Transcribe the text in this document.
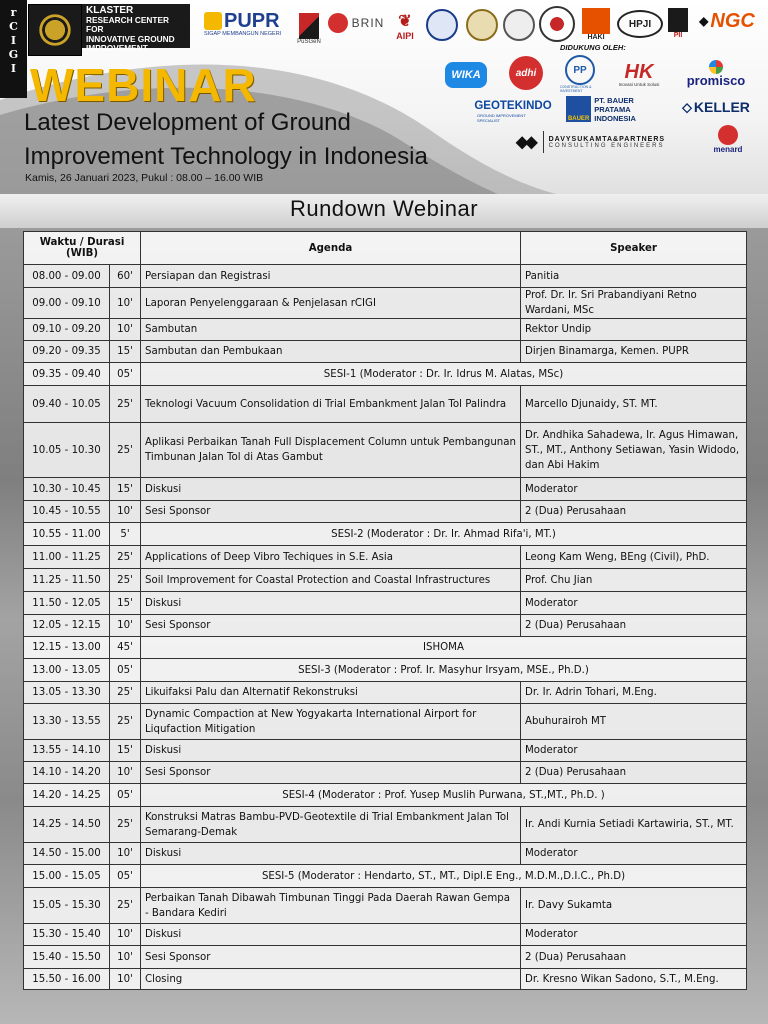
r
C
I
G
I
KLASTER
RESEARCH CENTER FOR
INNOVATIVE GROUND
IMPROVEMENT
PUPR
SIGAP MEMBANGUN NEGERI
PuSGeN
BRIN ❦
AIPI	HAKI
HPJI
PII
◆ NGC
DIDUKUNG OLEH:
WIKA	adhi	PP
CONSTRUCTION & INVESTMENT
HK
Inovasi Untuk Solusi promisco
GEOTEKINDO
GROUND IMPROVEMENT SPECIALIST	BAUER
PT. BAUER PRATAMA
INDONESIA
⬦ KELLER
◆◆ DAVYSUKAMTA&PARTNERS
CONSULTING ENGINEERS	menard
WEBINAR
Latest Development of Ground
Improvement Technology in Indonesia
Kamis, 26 Januari 2023, Pukul : 08.00 – 16.00 WIB
Rundown Webinar
Waktu / Durasi (WIB)		Agenda	Speaker
08.00 - 09.00	60'	Persiapan dan Registrasi	Panitia
09.00 - 09.10	10'	Laporan Penyelenggaraan & Penjelasan rCIGI	Prof. Dr. Ir. Sri Prabandiyani Retno Wardani, MSc
09.10 - 09.20	10'	Sambutan	Rektor Undip
09.20 - 09.35	15'	Sambutan dan Pembukaan	Dirjen Binamarga, Kemen. PUPR
09.35 - 09.40	05'	SESI-1 (Moderator : Dr. Ir. Idrus M. Alatas, MSc)	
09.40 - 10.05	25'	Teknologi Vacuum Consolidation di Trial Embankment Jalan Tol Palindra	Marcello Djunaidy, ST. MT.
10.05 - 10.30	25'	Aplikasi Perbaikan Tanah Full Displacement Column untuk Pembangunan Timbunan Jalan Tol di Atas Gambut	Dr. Andhika Sahadewa, Ir. Agus Himawan, ST., MT., Anthony Setiawan, Yasin Widodo, dan Abi Hakim
10.30 - 10.45	15'	Diskusi	Moderator
10.45 - 10.55	10'	Sesi Sponsor	2 (Dua) Perusahaan
10.55 - 11.00	5'	SESI-2 (Moderator : Dr. Ir. Ahmad Rifa'i, MT.)	
11.00 - 11.25	25'	Applications of Deep Vibro Techiques in S.E. Asia	Leong Kam Weng, BEng (Civil), PhD.
11.25 - 11.50	25'	Soil Improvement for Coastal Protection and Coastal Infrastructures	Prof. Chu Jian
11.50 - 12.05	15'	Diskusi	Moderator
12.05 - 12.15	10'	Sesi Sponsor	2 (Dua) Perusahaan
12.15 - 13.00	45'	ISHOMA	
13.00 - 13.05	05'	SESI-3 (Moderator : Prof. Ir. Masyhur Irsyam, MSE., Ph.D.)	
13.05 - 13.30	25'	Likuifaksi Palu dan Alternatif Rekonstruksi	Dr. Ir. Adrin Tohari, M.Eng.
13.30 - 13.55	25'	Dynamic Compaction at New Yogyakarta International Airport for Liqufaction Mitigation	Abuhurairoh MT
13.55 - 14.10	15'	Diskusi	Moderator
14.10 - 14.20	10'	Sesi Sponsor	2 (Dua) Perusahaan
14.20 - 14.25	05'	SESI-4 (Moderator : Prof. Yusep Muslih Purwana, ST.,MT., Ph.D. )	
14.25 - 14.50	25'	Konstruksi Matras Bambu-PVD-Geotextile di Trial Embankment Jalan Tol Semarang-Demak	Ir. Andi Kurnia Setiadi Kartawiria, ST., MT.
14.50 - 15.00	10'	Diskusi	Moderator
15.00 - 15.05	05'	SESI-5 (Moderator : Hendarto, ST., MT., Dipl.E Eng., M.D.M.,D.I.C., Ph.D)	
15.05 - 15.30	25'	Perbaikan Tanah Dibawah Timbunan Tinggi Pada Daerah Rawan Gempa - Bandara Kediri	Ir. Davy Sukamta
15.30 - 15.40	10'	Diskusi	Moderator
15.40 - 15.50	10'	Sesi Sponsor	2 (Dua) Perusahaan
15.50 - 16.00	10'	Closing	Dr. Kresno Wikan Sadono, S.T., M.Eng.
